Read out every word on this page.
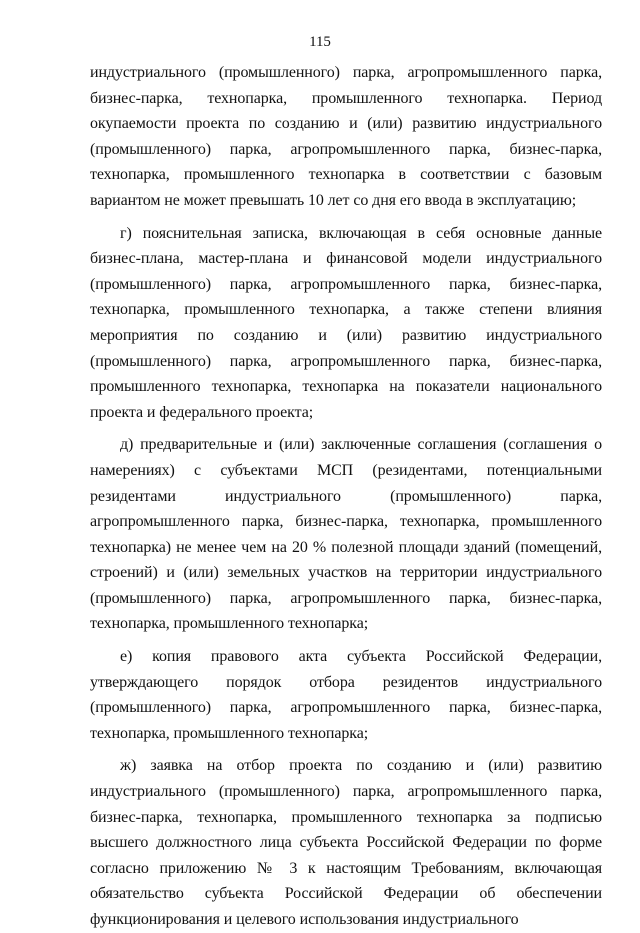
115

индустриального (промышленного) парка, агропромышленного парка, бизнес-парка, технопарка, промышленного технопарка. Период окупаемости проекта по созданию и (или) развитию индустриального (промышленного) парка, агропромышленного парка, бизнес-парка, технопарка, промышленного технопарка в соответствии с базовым вариантом не может превышать 10 лет со дня его ввода в эксплуатацию;

г) пояснительная записка, включающая в себя основные данные бизнес-плана, мастер-плана и финансовой модели индустриального (промышленного) парка, агропромышленного парка, бизнес-парка, технопарка, промышленного технопарка, а также степени влияния мероприятия по созданию и (или) развитию индустриального (промышленного) парка, агропромышленного парка, бизнес-парка, промышленного технопарка, технопарка на показатели национального проекта и федерального проекта;

д) предварительные и (или) заключенные соглашения (соглашения о намерениях) с субъектами МСП (резидентами, потенциальными резидентами индустриального (промышленного) парка, агропромышленного парка, бизнес-парка, технопарка, промышленного технопарка) не менее чем на 20 % полезной площади зданий (помещений, строений) и (или) земельных участков на территории индустриального (промышленного) парка, агропромышленного парка, бизнес-парка, технопарка, промышленного технопарка;

е) копия правового акта субъекта Российской Федерации, утверждающего порядок отбора резидентов индустриального (промышленного) парка, агропромышленного парка, бизнес-парка, технопарка, промышленного технопарка;

ж) заявка на отбор проекта по созданию и (или) развитию индустриального (промышленного) парка, агропромышленного парка, бизнес-парка, технопарка, промышленного технопарка за подписью высшего должностного лица субъекта Российской Федерации по форме согласно приложению № 3 к настоящим Требованиям, включающая обязательство субъекта Российской Федерации об обеспечении функционирования и целевого использования индустриального
